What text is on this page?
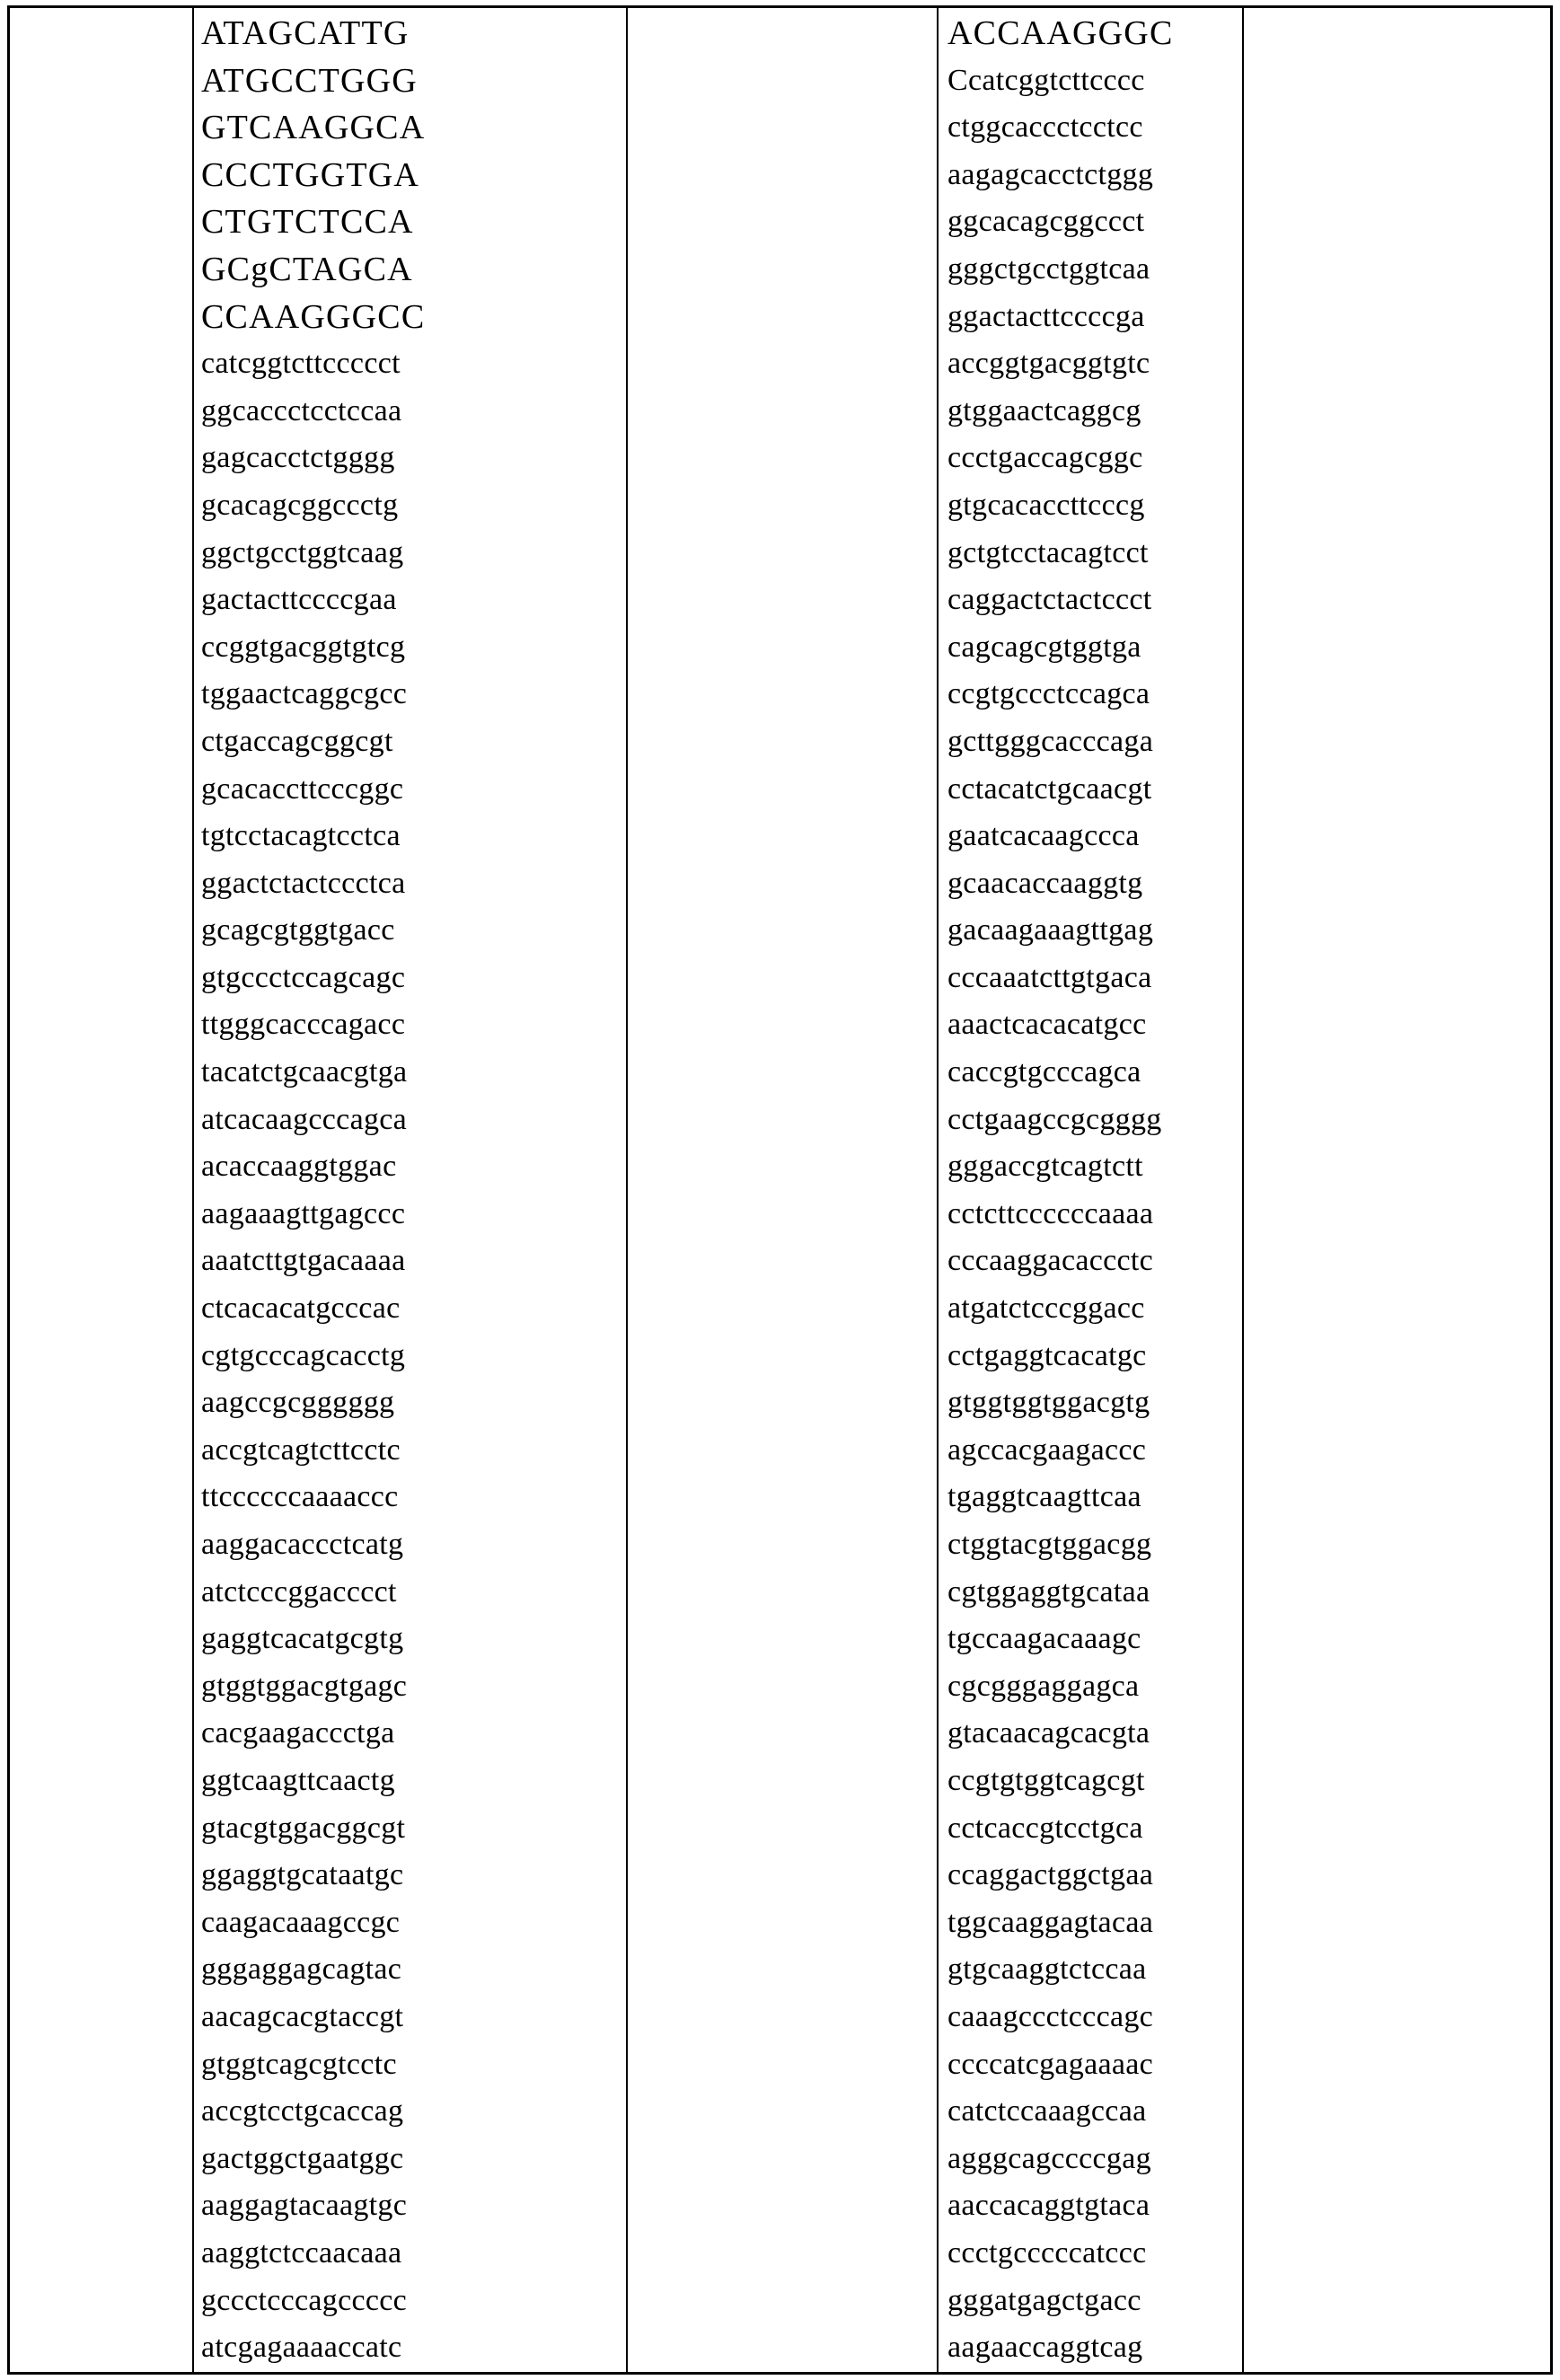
ATAGCATTG
ATGCCTGGG
GTCAAGGCA
CCCTGGTGA
CTGTCTCCA
GCgCTAGCA
CCAAGGGCC
catcggtcttccccct
ggcaccctcctccaa
gagcacctctgggg
gcacagcggccctg
ggctgcctggtcaag
gactacttccccgaa
ccggtgacggtgtcg
tggaactcaggcgcc
ctgaccagcggcgt
gcacaccttcccggc
tgtcctacagtcctca
ggactctactccctca
gcagcgtggtgacc
gtgccctccagcagc
ttgggcacccagacc
tacatctgcaacgtga
atcacaagcccagca
acaccaaggtggac
aagaaagttgagccc
aaatcttgtgacaaaa
ctcacacatgcccac
cgtgcccagcacctg
aagccgcgggggg
accgtcagtcttcctc
ttccccccaaaaccc
aaggacaccctcatg
atctcccggacccct
gaggtcacatgcgtg
gtggtggacgtgagc
cacgaagaccctga
ggtcaagttcaactg
gtacgtggacggcgt
ggaggtgcataatgc
caagacaaagccgc
gggaggagcagtac
aacagcacgtaccgt
gtggtcagcgtcctc
accgtcctgcaccag
gactggctgaatggc
aaggagtacaagtgc
aaggtctccaacaaa
gccctcccagccccc
atcgagaaaaccatc
ACCAAGGGC
Ccatcggtcttcccc
ctggcaccctcctcc
aagagcacctctggg
ggcacagcggccct
gggctgcctggtcaa
ggactacttccccga
accggtgacggtgtc
gtggaactcaggcg
ccctgaccagcggc
gtgcacaccttcccg
gctgtcctacagtcct
caggactctactccct
cagcagcgtggtga
ccgtgccctccagca
gcttgggcacccaga
cctacatctgcaacgt
gaatcacaagccca
gcaacaccaaggtg
gacaagaaagttgag
cccaaatcttgtgaca
aaactcacacatgcc
caccgtgcccagca
cctgaagccgcgggg
gggaccgtcagtctt
cctcttccccccaaaa
cccaaggacaccctc
atgatctcccggacc
cctgaggtcacatgc
gtggtggtggacgtg
agccacgaagaccc
tgaggtcaagttcaa
ctggtacgtggacgg
cgtggaggtgcataa
tgccaagacaaagc
cgcgggaggagca
gtacaacagcacgta
ccgtgtggtcagcgt
cctcaccgtcctgca
ccaggactggctgaa
tggcaaggagtacaa
gtgcaaggtctccaa
caaagccctcccagc
ccccatcgagaaaac
catctccaaagccaa
agggcagccccgag
aaccacaggtgtaca
ccctgcccccatccc
gggatgagctgacc
aagaaccaggtcag
